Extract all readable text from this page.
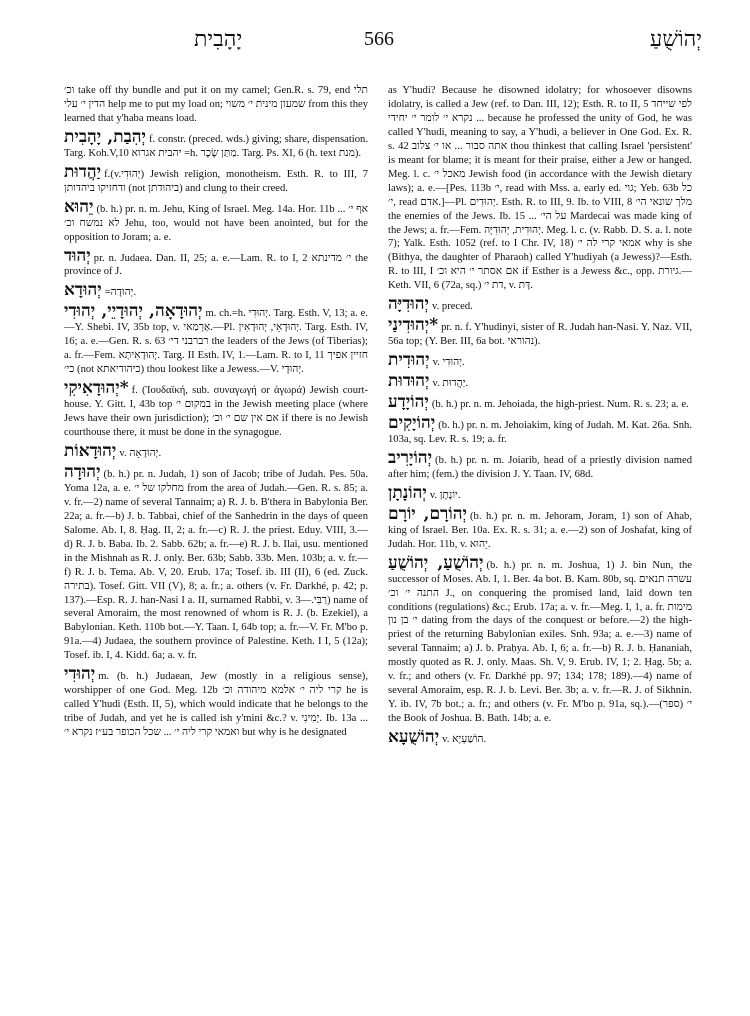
יָהָבִית	566	יְהוֹשֻׁעַ

וכ׳ take off thy bundle and put it on my camel; Gen.R. s. 79, end תלי הדין י׳ עלי help me to put my load on; שמעון מינית י׳ משוי from this they learned that y'haba means load.

יְהִבַת, יָהָבִית f. constr. (preced. wds.) giving; share, dispensation. Targ. Koh.V,10 יהבית אגרוא =h. מַתַּן שָׂכָר. Targ. Ps. XI, 6 (h. text מנת).

יַהֲדוּת f.(v.יְהוּדִי) Jewish religion, monotheism. Esth. R. to III, 7 ודחזיקו ביהדותן (not ביהודתן) and clung to their creed.

יֵהוּא (b. h.) pr. n. m. Jehu, King of Israel. Meg. 14a. Hor. 11b אף י׳ ... לא נמשח וכ׳ Jehu, too, would not have been anointed, but for the opposition to Joram; a. e.

יְהוּד pr. n. Judaea. Dan. II, 25; a. e.—Lam. R. to I, 2 י׳ מדינתא the province of J.

יְהוּדָא =יְהוּדָה.

יְהוּדָאָה, יְהוּדָיֵי, יְהוּדִי m. ch.=h. יְהוּדִי. Targ. Esth. V, 13; a. e.—Y. Shebi. IV, 35b top, v. אַרְמַאי.—Pl. יְהוּדָאֵי, יְהוּדָאִין. Targ. Esth. IV, 16; a. e.—Gen. R. s. 63 רברבני די׳ the leaders of the Jews (of Tiberias); a. fr.—Fem. יְהוּדָאִיתָא. Targ. II Esth. IV, 1.—Lam. R. to I, 11 חזיין אפיך כי׳ (not כיהודיאתא) thou lookest like a Jewess.—V. יְהוּדָי.

*יְהוּדָאִיקִי f. (Ἰουδαϊκή, sub. συναγωγή or ἀγωρά) Jewish court-house. Y. Gitt. I, 43b top במקום י׳ in the Jewish meeting place (where Jews have their own jurisdiction); אם אין שם י׳ וכ׳ if there is no Jewish courthouse there, it must be done in the synagogue.

יְהוּדָאוֹת v. יְהוּדָאָה.

יְהוּדָה (b. h.) pr. n. Judah, 1) son of Jacob; tribe of Judah. Pes. 50a. Yoma 12a, a. e. מחלקו של י׳ from the area of Judah.—Gen. R. s. 85; a. v. fr.—2) name of several Tannaim; a) R. J. b. B'thera in Babylonia Ber. 22a; a. fr.—b) J. b. Tabbai, chief of the Sanhedrin in the days of queen Salome. Ab. I, 8. Ḥag. II, 2; a. fr.—c) R. J. the priest. Eduy. VIII, 3.—d) R. J. b. Baba. Ib. 2. Sabb. 62b; a. fr.—e) R. J. b. Ilai, usu. mentioned in the Mishnah as R. J. only. Ber. 63b; Sabb. 33b. Men. 103b; a. v. fr.—f) R. J. b. Tema. Ab. V, 20. Erub. 17a; Tosef. ib. III (II), 6 (ed. Zuck. בתירה). Tosef. Gitt. VII (V), 8; a. fr.; a. others (v. Fr. Darkhé, p. 42; p. 137).—Esp. R. J. han-Nasi I a. II, surnamed Rabbi, v. רַבִּי.—3) name of several Amoraim, the most renowned of whom is R. J. (b. Ezekiel), a Babylonian. Keth. 110b bot.—Y. Taan. I, 64b top; a. fr.—V. Fr. M'bo p. 91a.—4) Judaea, the southern province of Palestine. Keth. I I, 5 (12a); Tosef. ib. I, 4. Kidd. 6a; a. v. fr.

יְהוּדִי m. (b. h.) Judaean, Jew (mostly in a religious sense), worshipper of one God. Meg. 12b קרי ליה י׳ אלמא מיהודה וכ׳ he is called Y'hudi (Esth. II, 5), which would indicate that he belongs to the tribe of Judah, and yet he is called ish y'mini &c.? v. יְמִינִי. Ib. 13a ... ואמאי קרי ליה י׳ ... שכל הכופר בע״ז נקרא י׳ but why is he designated

as Y'hudi? Because he disowned idolatry; for whosoever disowns idolatry, is called a Jew (ref. to Dan. III, 12); Esth. R. to II, 5 לפי שייחד ... נקרא י׳ לומר י׳ יחידי because he professed the unity of God, he was called Y'hudi, meaning to say, a Y'hudi, a believer in One God. Ex. R. s. 42 אתה סבור ... או י׳ צלוב thou thinkest that calling Israel 'persistent' is meant for blame; it is meant for their praise, either a Jew or hanged. Meg. l. c. מאכל י׳ Jewish food (in accordance with the Jewish dietary laws); a. e.—[Pes. 113b י׳, read with Mss. a. early ed. גוי; Yeb. 63b כל י׳, read אדם.]—Pl. יְהוּדִים. Esth. R. to III, 9. Ib. to VIII, 8 מלך שונאי הי׳ the enemies of the Jews. Ib. 15 ... על הי׳ Mardecai was made king of the Jews; a. fr.—Fem. יְהוּדִית, יְהוּדִיָּה. Meg. l. c. (v. Rabb. D. S. a. l. note 7); Yalk. Esth. 1052 (ref. to I Chr. IV, 18) אמאי קרי לה י׳ why is she (Bithya, the daughter of Pharaoh) called Y'hudiyah (a Jewess)?—Esth. R. to III, I אם אסתר י׳ היא וכ׳ if Esther is a Jewess &c., opp. גיורת.—Keth. VII, 6 (72a, sq.) דת י׳, v. דָּת.

יְהוּדִיָּה v. preced.

*יְהוּדִינַי pr. n. f. Y'hudinyi, sister of R. Judah han-Nasi. Y. Naz. VII, 56a top; (Y. Ber. III, 6a bot. נהוראי).

יְהוּדִית v. יְהוּדִי.

יְהוּדוּת v. יַהֲדוּת.

יְהוֹיָדָע (b. h.) pr. n. m. Jehoiada, the high-priest. Num. R. s. 23; a. e.

יְהוֹיָקִים (b. h.) pr. n. m. Jehoiakim, king of Judah. M. Kat. 26a. Snh. 103a, sq. Lev. R. s. 19; a. fr.

יְהוֹיָרִיב (b. h.) pr. n. m. Joiarib, head of a priestly division named after him; (fem.) the division J. Y. Taan. IV, 68d.

יְהוֹנָתָן v. יוֹנָתָן.

יְהוֹרָם, יוֹרָם (b. h.) pr. n. m. Jehoram, Joram, 1) son of Ahab, king of Israel. Ber. 10a. Ex. R. s. 31; a. e.—2) son of Joshafat, king of Judah. Hor. 11b, v. יֵהוּא.

יְהוֹשֻׁעַ, יְהוֹשֻׁעַ (b. h.) pr. n. m. Joshua, 1) J. bin Nun, the successor of Moses. Ab. I, 1. Ber. 4a bot. B. Kam. 80b, sq. עשרה תנאים התנה י׳ וכ׳ J., on conquering the promised land, laid down ten conditions (regulations) &c.; Erub. 17a; a. v. fr.—Meg. I, 1, a. fr. מימות י׳ בן נון dating from the days of the conquest or before.—2) the high-priest of the returning Babylonian exiles. Snh. 93a; a. e.—3) name of several Tannaim; a) J. b. Praḥya. Ab. I, 6; a. fr.—b) R. J. b. Ḥananiah, mostly quoted as R. J. only. Maas. Sh. V, 9. Erub. IV, 1; 2. Ḥag. 5b; a. v. fr.; and others (v. Fr. Darkhé pp. 97; 134; 178; 189).—4) name of several Amoraim, esp. R. J. b. Levi. Ber. 3b; a. v. fr.—R. J. of Sikhnin. Y. ib. IV, 7b bot.; a. fr.; and others (v. Fr. M'bo p. 91a, sq.).—(ספר) י׳ the Book of Joshua. B. Bath. 14b; a. e.

יְהוֹשֻׁעָא v. הוֹשַׁעְיָא.
